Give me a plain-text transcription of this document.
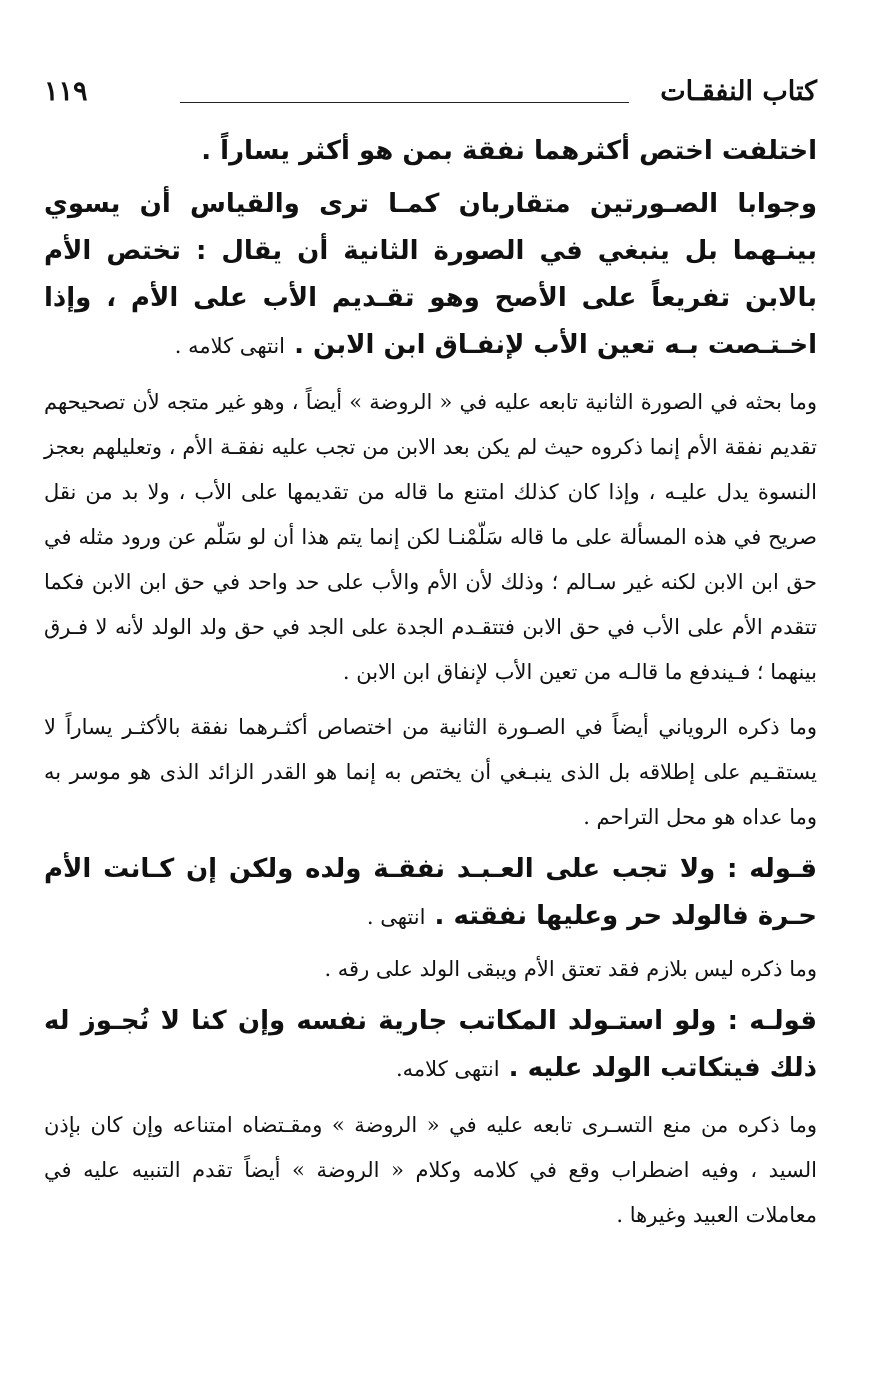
كتاب النفقـات
١١٩

اختلفت اختص أكثرهما نفقة بمن هو أكثر يساراً .

وجوابا الصـورتين متقاربان كمـا ترى والقياس أن يسوي بينـهما بل ينبغي في الصورة الثانية أن يقال : تختص الأم بالابن تفريعاً على الأصح وهو تقـديم الأب على الأم ، وإذا اخـتـصت بـه تعين الأب لإنفـاق ابن الابن . انتهى كلامه .

وما بحثه في الصورة الثانية تابعه عليه في « الروضة » أيضاً ، وهو غير متجه لأن تصحيحهم تقديم نفقة الأم إنما ذكروه حيث لم يكن بعد الابن من تجب عليه نفقـة الأم ، وتعليلهم بعجز النسوة يدل عليـه ، وإذا كان كذلك امتنع ما قاله من تقديمها على الأب ، ولا بد من نقل صريح في هذه المسألة على ما قاله سَلّمْنـا لكن إنما يتم هذا أن لو سَلّم عن ورود مثله في حق ابن الابن لكنه غير سـالم ؛ وذلك لأن الأم والأب على حد واحد في حق ابن الابن فكما تتقدم الأم على الأب في حق الابن فتتقـدم الجدة على الجد في حق ولد الولد لأنه لا فـرق بينهما ؛ فـيندفع ما قالـه من تعين الأب لإنفاق ابن الابن .

وما ذكره الروياني أيضاً في الصـورة الثانية من اختصاص أكثـرهما نفقة بالأكثـر يساراً لا يستقـيم على إطلاقه بل الذى ينبـغي أن يختص به إنما هو القدر الزائد الذى هو موسر به وما عداه هو محل التراحم .

قـوله : ولا تجب على العـبـد نفقـة ولده ولكن إن كـانت الأم حـرة فالولد حر وعليها نفقته . انتهى .

وما ذكره ليس بلازم فقد تعتق الأم ويبقى الولد على رقه .

قولـه : ولو استـولد المكاتب جارية نفسه وإن كنا لا نُجـوز له ذلك فيتكاتب الولد عليه . انتهى كلامه.

وما ذكره من منع التسـرى تابعه عليه في « الروضة » ومقـتضاه امتناعه وإن كان بإذن السيد ، وفيه اضطراب وقع في كلامه وكلام « الروضة » أيضاً تقدم التنبيه عليه في معاملات العبيد وغيرها .
